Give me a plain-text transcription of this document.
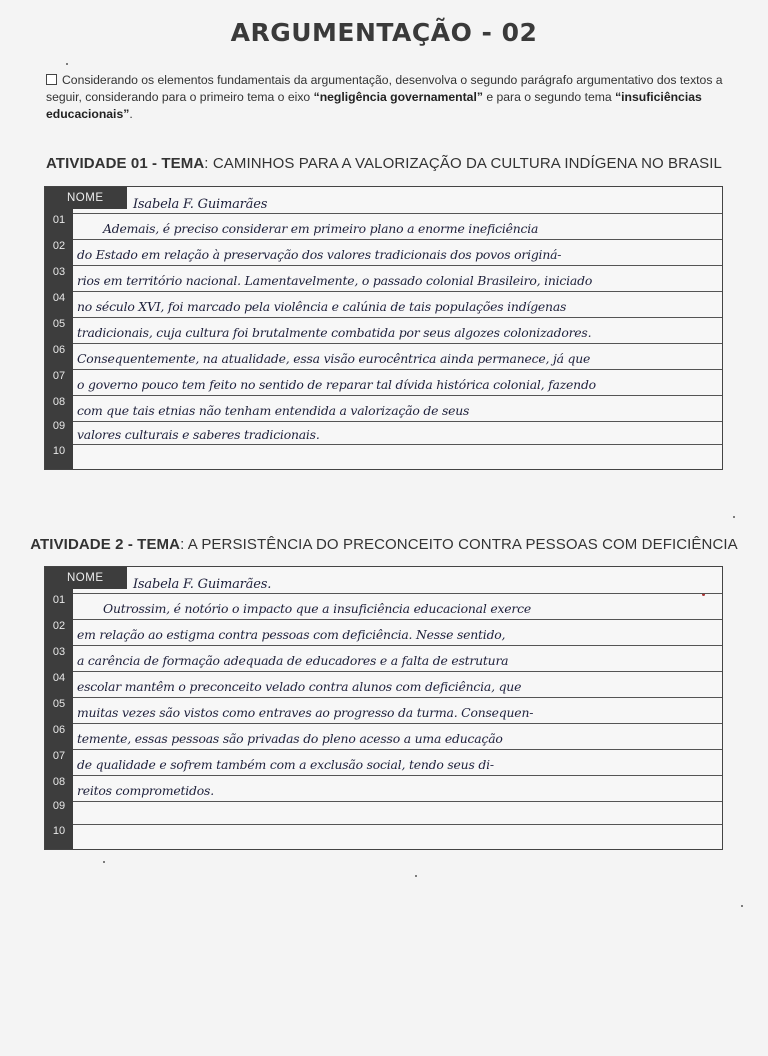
ARGUMENTAÇÃO - 02
Considerando os elementos fundamentais da argumentação, desenvolva o segundo parágrafo argumentativo dos textos a seguir, considerando para o primeiro tema o eixo “negligência governamental” e para o segundo tema “insuficiências educacionais”.
ATIVIDADE 01 - TEMA: CAMINHOS PARA A VALORIZAÇÃO DA CULTURA INDÍGENA NO BRASIL
NOME	Isabela F. Guimarães
01
02
03
04
05
06
07
08
09
10
Ademais, é preciso considerar em primeiro plano a enorme ineficiência
do Estado em relação à preservação dos valores tradicionais dos povos originá-
rios em território nacional. Lamentavelmente, o passado colonial Brasileiro, iniciado
no século XVI, foi marcado pela violência e calúnia de tais populações indígenas
tradicionais, cuja cultura foi brutalmente combatida por seus algozes colonizadores.
Consequentemente, na atualidade, essa visão eurocêntrica ainda permanece, já que
o governo pouco tem feito no sentido de reparar tal dívida histórica colonial, fazendo
com que tais etnias não tenham entendida a valorização de seus
valores culturais e saberes tradicionais.
ATIVIDADE 2 - TEMA: A PERSISTÊNCIA DO PRECONCEITO CONTRA PESSOAS COM DEFICIÊNCIA
NOME	Isabela F. Guimarães.
01
02
03
04
05
06
07
08
09
10
Outrossim, é notório o impacto que a insuficiência educacional exerce
em relação ao estigma contra pessoas com deficiência. Nesse sentido,
a carência de formação adequada de educadores e a falta de estrutura
escolar mantêm o preconceito velado contra alunos com deficiência, que
muitas vezes são vistos como entraves ao progresso da turma. Consequen-
temente, essas pessoas são privadas do pleno acesso a uma educação
de qualidade e sofrem também com a exclusão social, tendo seus di-
reitos comprometidos.
